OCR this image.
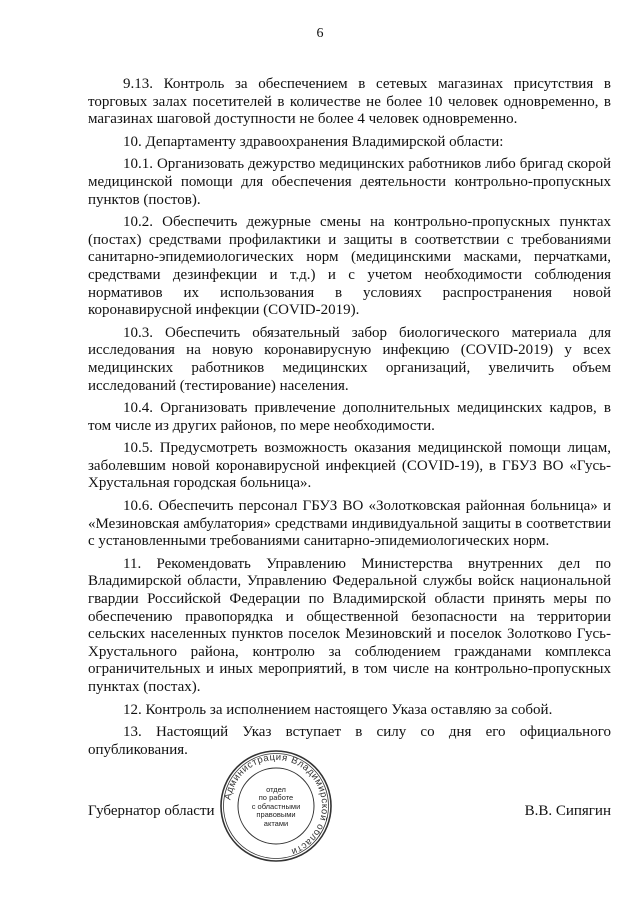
6

9.13. Контроль за обеспечением в сетевых магазинах присутствия в торговых залах посетителей в количестве не более 10 человек одновременно, в магазинах шаговой доступности не более 4 человек одновременно.

10. Департаменту здравоохранения Владимирской области:

10.1. Организовать дежурство медицинских работников либо бригад скорой медицинской помощи для обеспечения деятельности контрольно-пропускных пунктов (постов).

10.2. Обеспечить дежурные смены на контрольно-пропускных пунктах (постах) средствами профилактики и защиты в соответствии с требованиями санитарно-эпидемиологических норм (медицинскими масками, перчатками, средствами дезинфекции и т.д.) и с учетом необходимости соблюдения нормативов их использования в условиях распространения новой коронавирусной инфекции (COVID-2019).

10.3. Обеспечить обязательный забор биологического материала для исследования на новую коронавирусную инфекцию (COVID-2019) у всех медицинских работников медицинских организаций, увеличить объем исследований (тестирование) населения.

10.4. Организовать привлечение дополнительных медицинских кадров, в том числе из других районов, по мере необходимости.

10.5. Предусмотреть возможность оказания медицинской помощи лицам, заболевшим новой коронавирусной инфекцией (COVID-19), в ГБУЗ ВО «Гусь-Хрустальная городская больница».

10.6. Обеспечить персонал ГБУЗ ВО «Золотковская районная больница» и «Мезиновская амбулатория» средствами индивидуальной защиты в соответствии с установленными требованиями санитарно-эпидемиологических норм.

11. Рекомендовать Управлению Министерства внутренних дел по Владимирской области, Управлению Федеральной службы войск национальной гвардии Российской Федерации по Владимирской области принять меры по обеспечению правопорядка и общественной безопасности на территории сельских населенных пунктов поселок Мезиновский и поселок Золотково Гусь-Хрустального района, контролю за соблюдением гражданами комплекса ограничительных и иных мероприятий, в том числе на контрольно-пропускных пунктах (постах).

12. Контроль за исполнением настоящего Указа оставляю за собой.

13. Настоящий Указ вступает в силу со дня его официального опубликования.

Губернатор области	В.В. Сипягин
Администрация Владимирской области
отдел
по работе
с областными
правовыми
актами
